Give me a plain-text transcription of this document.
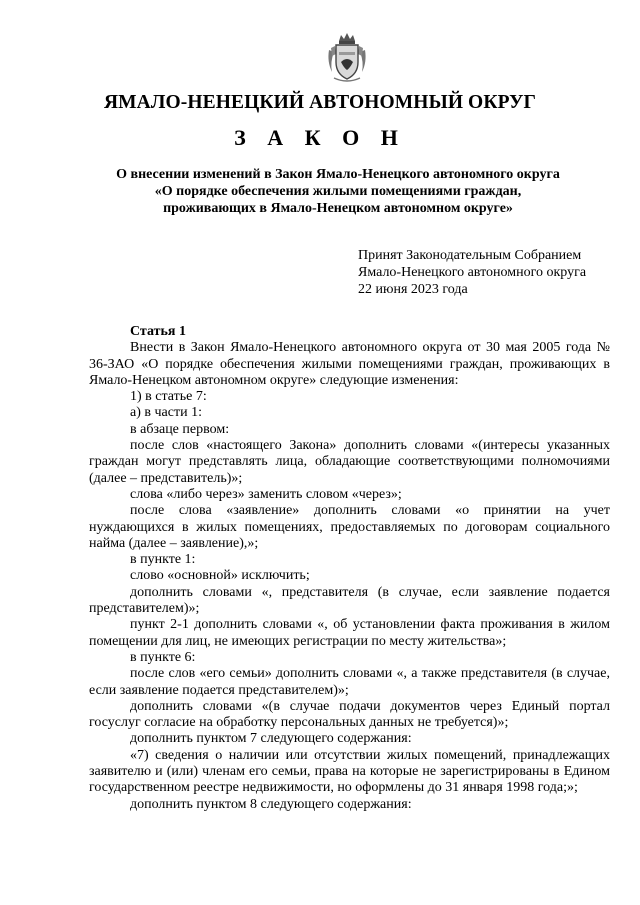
ЯМАЛО-НЕНЕЦКИЙ АВТОНОМНЫЙ ОКРУГ
З А К О Н
О внесении изменений в Закон Ямало-Ненецкого автономного округа
«О порядке обеспечения жилыми помещениями граждан,
проживающих в Ямало-Ненецком автономном округе»
Принят Законодательным Собранием
Ямало-Ненецкого автономного округа
22 июня 2023 года

Статья 1

Внести в Закон Ямало-Ненецкого автономного округа от 30 мая 2005 года № 36-ЗАО «О порядке обеспечения жилыми помещениями граждан, проживающих в Ямало-Ненецком автономном округе» следующие изменения:

1) в статье 7:

а) в части 1:

в абзаце первом:

после слов «настоящего Закона» дополнить словами «(интересы указанных граждан могут представлять лица, обладающие соответствующими полномочиями (далее – представитель)»;

слова «либо через» заменить словом «через»;

после слова «заявление» дополнить словами «о принятии на учет нуждающихся в жилых помещениях, предоставляемых по договорам социального найма (далее – заявление),»;

в пункте 1:

слово «основной» исключить;

дополнить словами «, представителя (в случае, если заявление подается представителем)»;

пункт 2-1 дополнить словами «, об установлении факта проживания в жилом помещении для лиц, не имеющих регистрации по месту жительства»;

в пункте 6:

после слов «его семьи» дополнить словами «, а также представителя (в случае, если заявление подается представителем)»;

дополнить словами «(в случае подачи документов через Единый портал госуслуг согласие на обработку персональных данных не требуется)»;

дополнить пунктом 7 следующего содержания:

«7) сведения о наличии или отсутствии жилых помещений, принадлежащих заявителю и (или) членам его семьи, права на которые не зарегистрированы в Едином государственном реестре недвижимости, но оформлены до 31 января 1998 года;»;

дополнить пунктом 8 следующего содержания:
